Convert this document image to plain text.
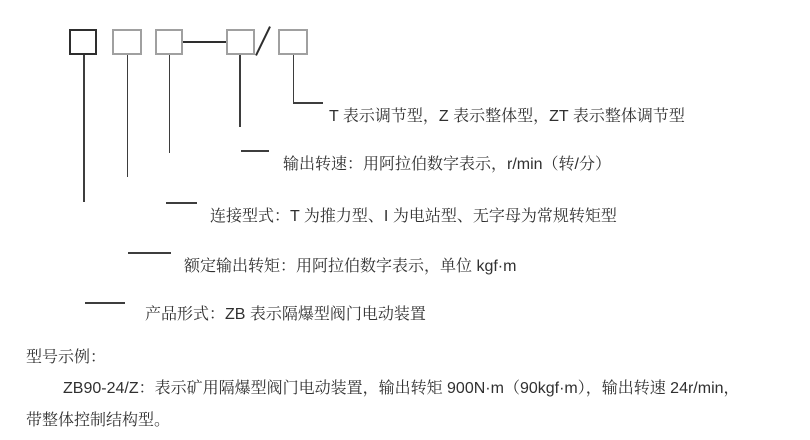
T 表示调节型，Z 表示整体型，ZT 表示整体调节型
输出转速：用阿拉伯数字表示，r/min（转/分）
连接型式：T 为推力型、I 为电站型、无字母为常规转矩型
额定输出转矩：用阿拉伯数字表示，单位 kgf·m
产品形式：ZB 表示隔爆型阀门电动装置
型号示例：
ZB90-24/Z：表示矿用隔爆型阀门电动装置，输出转矩 900N·m（90kgf·m），输出转速 24r/min，
带整体控制结构型。
